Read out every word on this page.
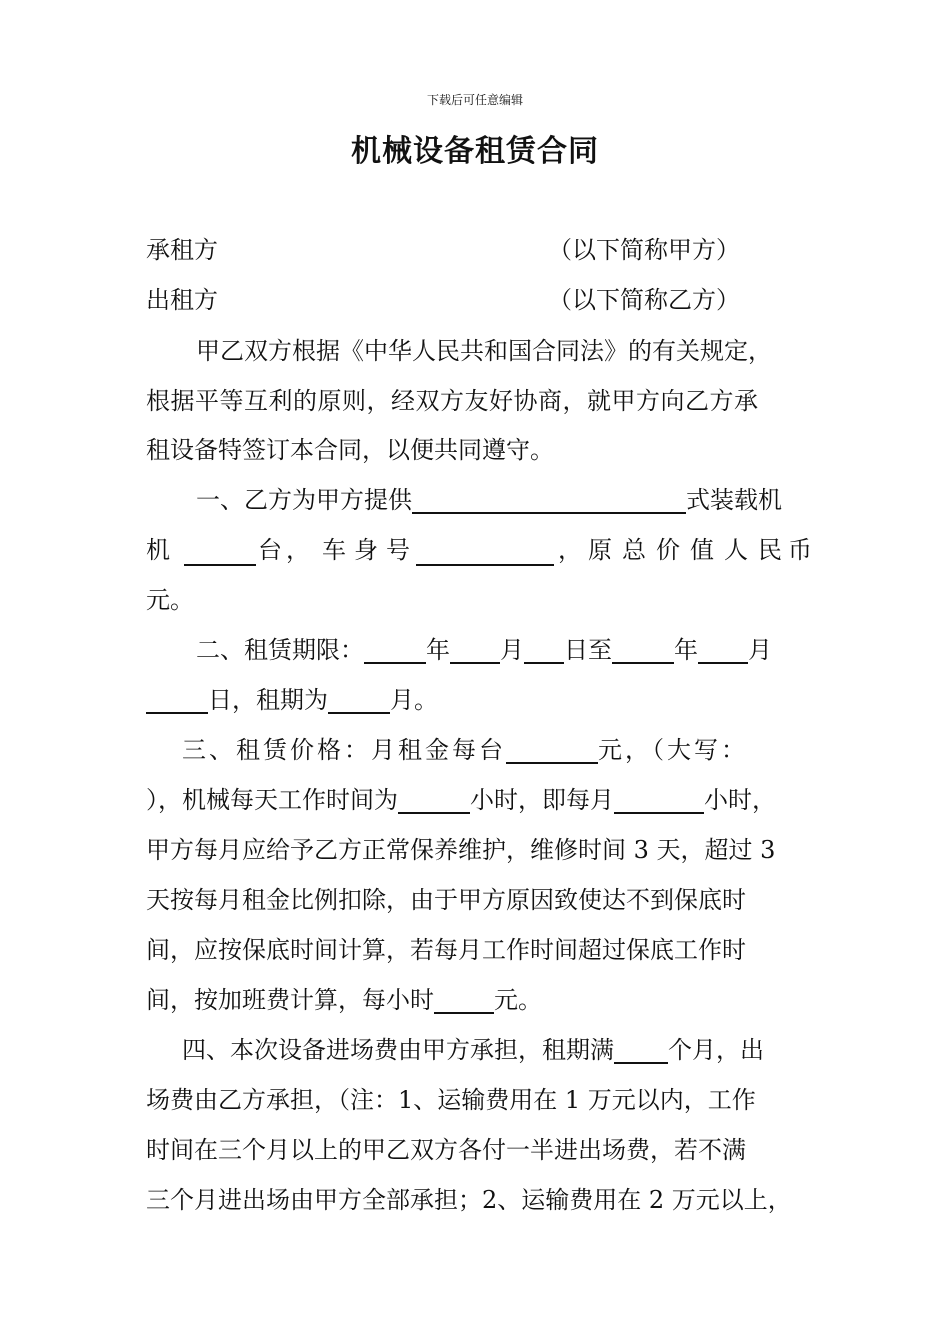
下载后可任意编辑
机械设备租赁合同
承租方	（以下简称甲方）
出租方	（以下简称乙方）
甲乙双方根据《中华人民共和国合同法》的有关规定，
根据平等互利的原则，经双方友好协商，就甲方向乙方承
租设备特签订本合同，以便共同遵守。
一、乙方为甲方提供	式装载机
机	台 ， 车 身 号	， 原 总 价 值 人 民 币
元。
二、租赁期限：	年 月 日至	年 月
日，租期为	月。
三、租赁价格：月租金每台	元，（大写：
），机械每天工作时间为	小时，即每月	小时，
甲方每月应给予乙方正常保养维护，维修时间 3 天，超过 3
天按每月租金比例扣除，由于甲方原因致使达不到保底时
间，应按保底时间计算，若每月工作时间超过保底工作时
间，按加班费计算，每小时	元。
四、本次设备进场费由甲方承担，租期满 个月，出
场费由乙方承担，（注：1、运输费用在 1 万元以内，工作
时间在三个月以上的甲乙双方各付一半进出场费，若不满
三个月进出场由甲方全部承担；2、运输费用在 2 万元以上，
